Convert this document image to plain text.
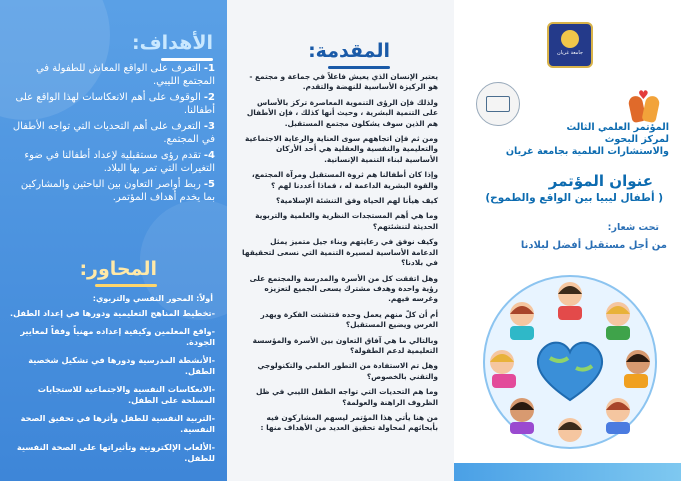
الأهداف:
1-التعرف على الواقع المعاش للطفولة في المجتمع الليبي.
2-الوقوف على أهم الانعكاسات لهذا الواقع على أطفالنا.
3-التعرف على أهم التحديات التي تواجه الأطفال في المجتمع.
4-تقدم رؤى مستقبلية لإعداد أطفالنا في ضوء التغيرات التي تمر بها البلاد.
5-ربط أواصر التعاون بين الباحثين والمشاركين بما يخدم أهداف المؤتمر.
المحاور:
أولاً: المحور النفسي والتربوي:
-تخطيط المناهج التعليمية ودورها في إعداد الطفل.
-واقع المعلمين وكيفية إعداده مهنياً وفقاً لمعايير الجودة.
-الأنشطة المدرسية ودورها في تشكيل شخصية الطفل.
-الانعكاسات النفسية والاجتماعية للاستجابات المسلحة على الطفل.
-التربية النفسية للطفل وأثرها في تحقيق الصحة النفسية.
-الألعاب الإلكترونية وتأثيراتها على الصحة النفسية للطفل.
المقدمة:

يعتبر الإنسان الذي يعيش فاعلاً في جماعة و مجتمع - هو الركيزة الأساسية للنهضة والتقدم.

ولذلك فإن الرؤى التنموية المعاصرة تركز بالأساس على التنمية البشرية ، وحيث أنها كذلك ، فإن الأطفال هم الذين سوف يشكلون مجتمع المستقبل.

ومن ثم فإن اتجاههم سوى العناية والرعاية الاجتماعية والتعليمية والنفسية والعقلية هي أحد الأركان الأساسية لبناء التنمية الإنسانية.

وإذا كان أطفالنا هم ثروة المستقبل ومرآة المجتمع، والقوة البشرية الداعمة له ، فماذا أعددنا لهم ؟

كيف هيأنا لهم الحياة وفق التنشئة الإسلامية؟

وما هي أهم المستجدات النظرية والعلمية والتربوية الحديثة لتنشئتهم؟

وكيف نوفق في رعايتهم وبناء جيل متميز يمثل الدعامة الأساسية لمسيرة التنمية التي نسعى لتحقيقها في بلادنا؟

وهل اتفقت كل من الأسرة والمدرسة والمجتمع على رؤية واحدة وهدف مشترك يسعى الجميع لتعزيزه وغرسه فيهم.

أم أن كلّ منهم يعمل وحده فتتشتت الفكرة ويهدر الغرس ويضيع المستقبل؟

وبالتالي ما هي آفاق التعاون بين الأسرة والمؤسسة التعليمية لدعم الطفولة؟

وهل تم الاستفادة من التطور العلمي والتكنولوجي والتقني بالخصوص؟

وما هم التحديات التي تواجه الطفل الليبي في ظل الظروف الراهنة والعولمة؟

من هنا يأتي هذا المؤتمر ليسهم المشاركون فيه بأبحاثهم لمحاولة تحقيق العديد من الأهداف منها :

جامعة غريان
♥
المؤتمر العلمي الثالث
لمركز البحوث
والاستشارات العلمية بجامعة غريان
عنوان المؤتمر
( أطفال ليبيا بين الواقع والطموح)
تحت شعار:
من أجل مستقبل أفضل لبلادنا
